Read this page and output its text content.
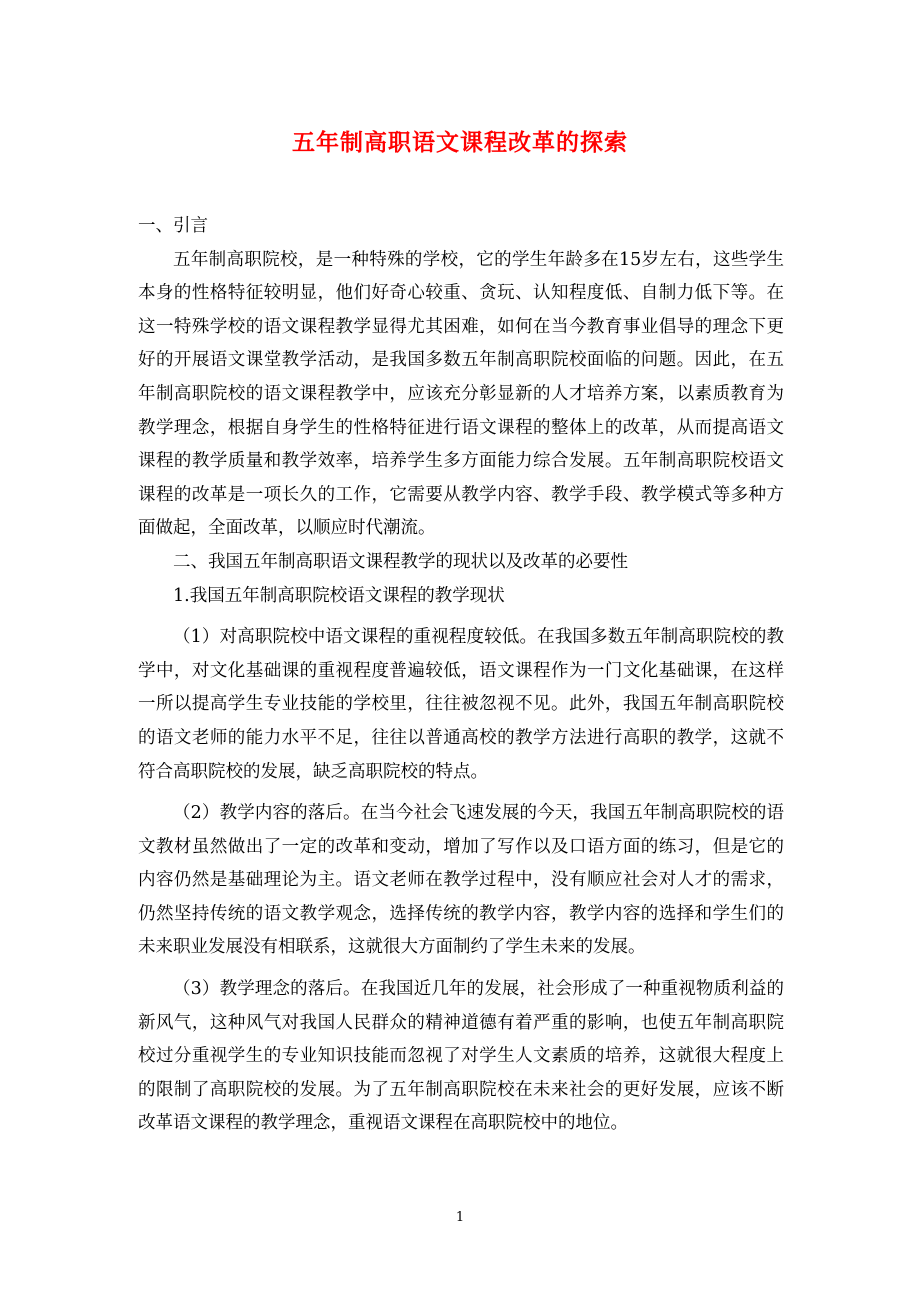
五年制高职语文课程改革的探索

一、引言

五年制高职院校，是一种特殊的学校，它的学生年龄多在15岁左右，这些学生本身的性格特征较明显，他们好奇心较重、贪玩、认知程度低、自制力低下等。在这一特殊学校的语文课程教学显得尤其困难，如何在当今教育事业倡导的理念下更好的开展语文课堂教学活动，是我国多数五年制高职院校面临的问题。因此，在五年制高职院校的语文课程教学中，应该充分彰显新的人才培养方案，以素质教育为教学理念，根据自身学生的性格特征进行语文课程的整体上的改革，从而提高语文课程的教学质量和教学效率，培养学生多方面能力综合发展。五年制高职院校语文课程的改革是一项长久的工作，它需要从教学内容、教学手段、教学模式等多种方面做起，全面改革，以顺应时代潮流。

二、我国五年制高职语文课程教学的现状以及改革的必要性

1.我国五年制高职院校语文课程的教学现状

（1）对高职院校中语文课程的重视程度较低。在我国多数五年制高职院校的教学中，对文化基础课的重视程度普遍较低，语文课程作为一门文化基础课，在这样一所以提高学生专业技能的学校里，往往被忽视不见。此外，我国五年制高职院校的语文老师的能力水平不足，往往以普通高校的教学方法进行高职的教学，这就不符合高职院校的发展，缺乏高职院校的特点。

（2）教学内容的落后。在当今社会飞速发展的今天，我国五年制高职院校的语文教材虽然做出了一定的改革和变动，增加了写作以及口语方面的练习，但是它的内容仍然是基础理论为主。语文老师在教学过程中，没有顺应社会对人才的需求，仍然坚持传统的语文教学观念，选择传统的教学内容，教学内容的选择和学生们的未来职业发展没有相联系，这就很大方面制约了学生未来的发展。

（3）教学理念的落后。在我国近几年的发展，社会形成了一种重视物质利益的新风气，这种风气对我国人民群众的精神道德有着严重的影响，也使五年制高职院校过分重视学生的专业知识技能而忽视了对学生人文素质的培养，这就很大程度上的限制了高职院校的发展。为了五年制高职院校在未来社会的更好发展，应该不断改革语文课程的教学理念，重视语文课程在高职院校中的地位。

1
